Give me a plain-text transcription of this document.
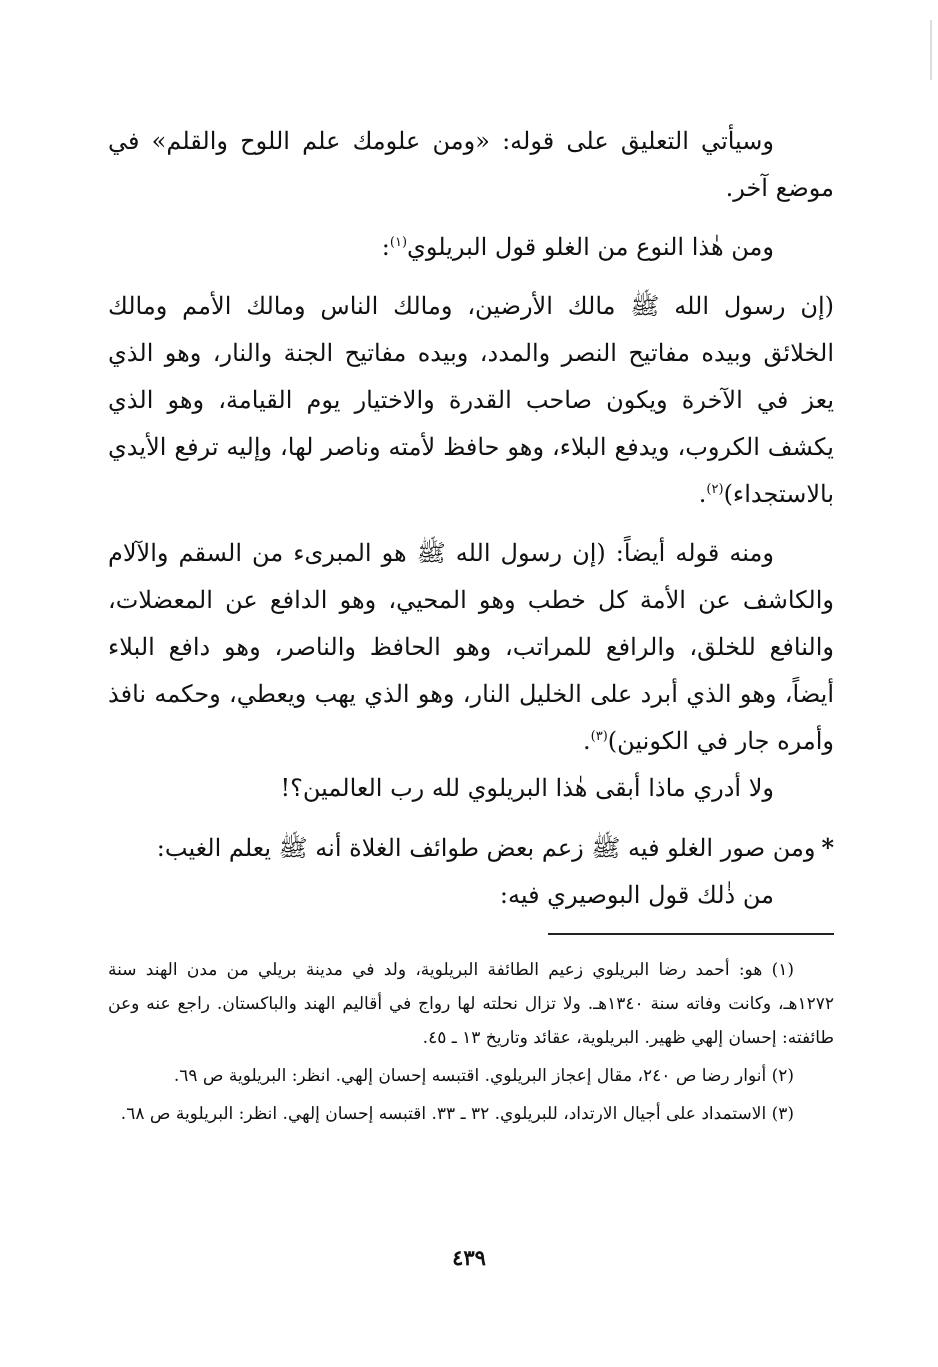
وسيأتي التعليق على قوله: «ومن علومك علم اللوح والقلم» في موضع آخر.

ومن هٰذا النوع من الغلو قول البريلوي$^{(١)}$:

(إن رسول الله ﷺ مالك الأرضين، ومالك الناس ومالك الأمم ومالك الخلائق وبيده مفاتيح النصر والمدد، وبيده مفاتيح الجنة والنار، وهو الذي يعز في الآخرة ويكون صاحب القدرة والاختيار يوم القيامة، وهو الذي يكشف الكروب، ويدفع البلاء، وهو حافظ لأمته وناصر لها، وإليه ترفع الأيدي بالاستجداء)$^{(٢)}$.

ومنه قوله أيضاً: (إن رسول الله ﷺ هو المبرىء من السقم والآلام والكاشف عن الأمة كل خطب وهو المحيي، وهو الدافع عن المعضلات، والنافع للخلق، والرافع للمراتب، وهو الحافظ والناصر، وهو دافع البلاء أيضاً، وهو الذي أبرد على الخليل النار، وهو الذي يهب ويعطي، وحكمه نافذ وأمره جار في الكونين)$^{(٣)}$.

ولا أدري ماذا أبقى هٰذا البريلوي لله رب العالمين؟!

*ومن صور الغلو فيه ﷺ زعم بعض طوائف الغلاة أنه ﷺ يعلم الغيب:

من ذٰلك قول البوصيري فيه:

(١) هو: أحمد رضا البريلوي زعيم الطائفة البريلوية، ولد في مدينة بريلي من مدن الهند سنة ١٢٧٢هـ، وكانت وفاته سنة ١٣٤٠هـ. ولا تزال نحلته لها رواج في أقاليم الهند والباكستان. راجع عنه وعن طائفته: إحسان إلهي ظهير. البريلوية، عقائد وتاريخ ١٣ ـ ٤٥.

(٢) أنوار رضا ص ٢٤٠، مقال إعجاز البريلوي. اقتبسه إحسان إلهي. انظر: البريلوية ص ٦٩.

(٣) الاستمداد على أجيال الارتداد، للبريلوي. ٣٢ ـ ٣٣. اقتبسه إحسان إلهي. انظر: البريلوية ص ٦٨.

٤٣٩
